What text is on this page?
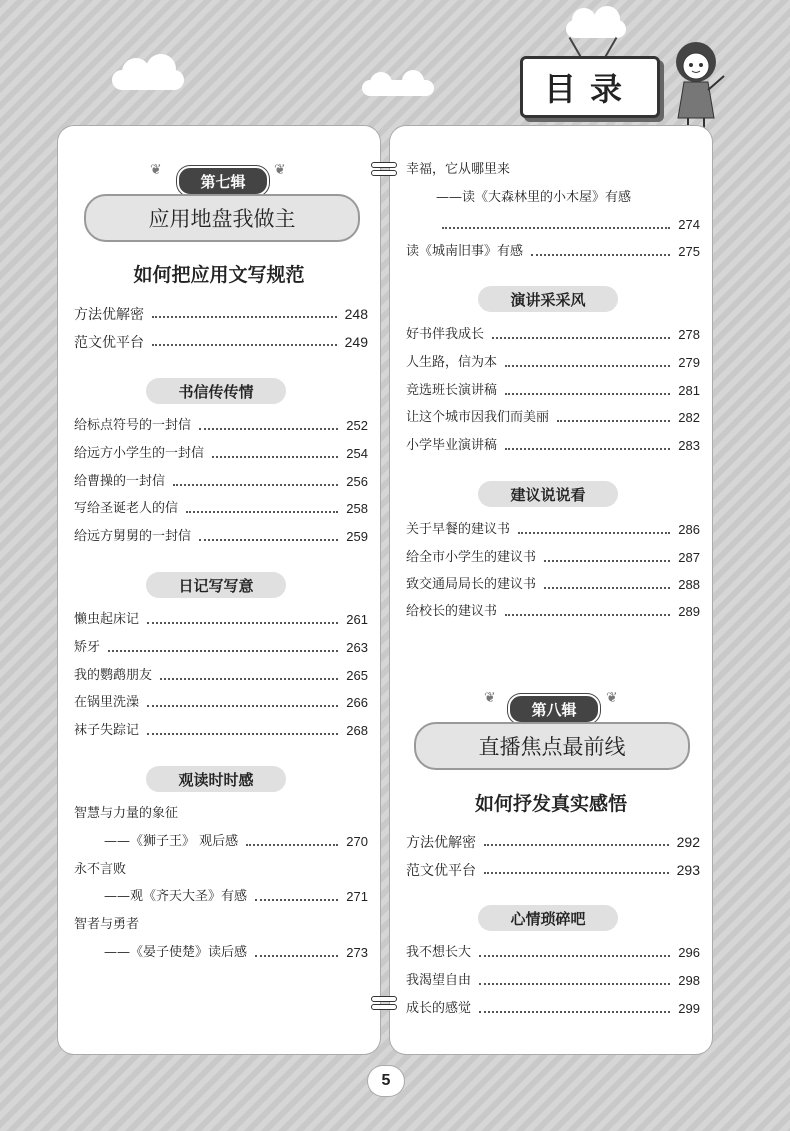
目录
❦	❦
第七辑
应用地盘我做主
如何把应用文写规范
方法优解密	248
范文优平台	249
书信传传情
给标点符号的一封信	252
给远方小学生的一封信	254
给曹操的一封信	256
写给圣诞老人的信	258
给远方舅舅的一封信	259
日记写写意
懒虫起床记	261
矫牙	263
我的鹦鹉朋友	265
在锅里洗澡	266
袜子失踪记	268
观读时时感
智慧与力量的象征
——《狮子王》 观后感	270
永不言败
——观《齐天大圣》有感	271
智者与勇者
——《晏子使楚》读后感	273
幸福，它从哪里来
——读《大森林里的小木屋》有感
274
读《城南旧事》有感	275
演讲采采风
好书伴我成长	278
人生路，信为本	279
竞选班长演讲稿	281
让这个城市因我们而美丽	282
小学毕业演讲稿	283
建议说说看
关于早餐的建议书	286
给全市小学生的建议书	287
致交通局局长的建议书	288
给校长的建议书	289
❦	❦
第八辑
直播焦点最前线
如何抒发真实感悟
方法优解密	292
范文优平台	293
心情琐碎吧
我不想长大	296
我渴望自由	298
成长的感觉	299
5
